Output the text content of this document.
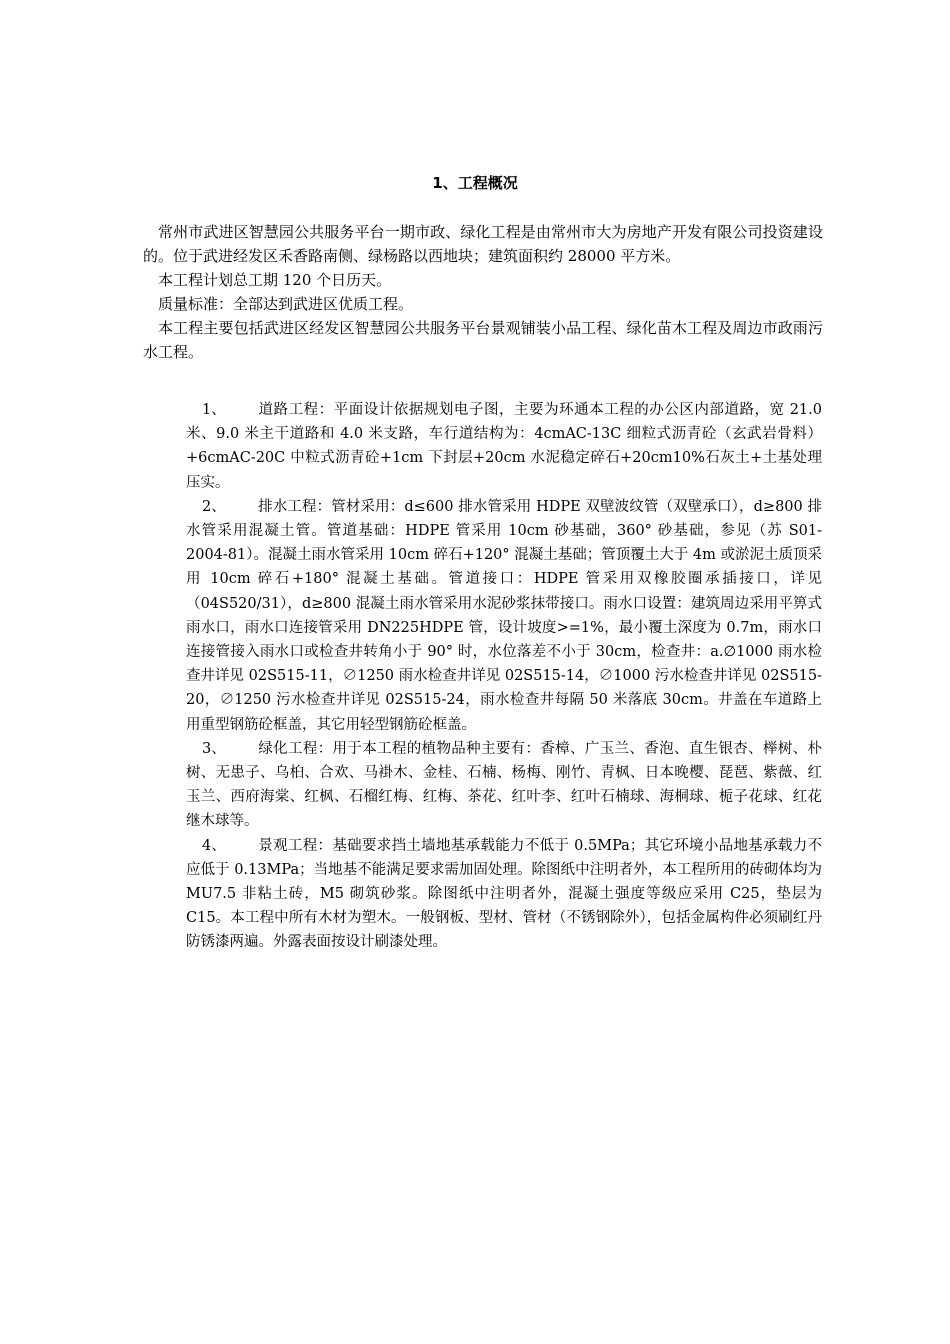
1、工程概况

常州市武进区智慧园公共服务平台一期市政、绿化工程是由常州市大为房地产开发有限公司投资建设的。位于武进经发区禾香路南侧、绿杨路以西地块；建筑面积约 28000 平方米。

本工程计划总工期 120 个日历天。

质量标准：全部达到武进区优质工程。

本工程主要包括武进区经发区智慧园公共服务平台景观铺装小品工程、绿化苗木工程及周边市政雨污水工程。

1、 道路工程：平面设计依据规划电子图，主要为环通本工程的办公区内部道路，宽 21.0 米、9.0 米主干道路和 4.0 米支路，车行道结构为：4cmAC-13C 细粒式沥青砼（玄武岩骨料）+6cmAC-20C 中粒式沥青砼+1cm 下封层+20cm 水泥稳定碎石+20cm10%石灰土+土基处理压实。

2、 排水工程：管材采用：d≤600 排水管采用 HDPE 双壁波纹管（双壁承口），d≥800 排水管采用混凝土管。管道基础：HDPE 管采用 10cm 砂基础，360° 砂基础，参见（苏 S01-2004-81）。混凝土雨水管采用 10cm 碎石+120° 混凝土基础；管顶覆土大于 4m 或淤泥土质顶采用 10cm 碎石+180° 混凝土基础。管道接口：HDPE 管采用双橡胶圈承插接口，详见（04S520/31），d≥800 混凝土雨水管采用水泥砂浆抹带接口。雨水口设置：建筑周边采用平箅式雨水口，雨水口连接管采用 DN225HDPE 管，设计坡度>=1%，最小覆土深度为 0.7m，雨水口连接管接入雨水口或检查井转角小于 90° 时，水位落差不小于 30cm，检查井：a.∅1000 雨水检查井详见 02S515-11，∅1250 雨水检查井详见 02S515-14，∅1000 污水检查井详见 02S515-20，∅1250 污水检查井详见 02S515-24，雨水检查井每隔 50 米落底 30cm。井盖在车道路上用重型钢筋砼框盖，其它用轻型钢筋砼框盖。

3、 绿化工程：用于本工程的植物品种主要有：香樟、广玉兰、香泡、直生银杏、榉树、朴树、无患子、乌桕、合欢、马褂木、金桂、石楠、杨梅、刚竹、青枫、日本晚樱、琵琶、紫薇、红玉兰、西府海棠、红枫、石榴红梅、红梅、茶花、红叶李、红叶石楠球、海桐球、栀子花球、红花继木球等。

4、 景观工程：基础要求挡土墙地基承载能力不低于 0.5MPa；其它环境小品地基承载力不应低于 0.13MPa；当地基不能满足要求需加固处理。除图纸中注明者外，本工程所用的砖砌体均为 MU7.5 非粘土砖，M5 砌筑砂浆。除图纸中注明者外，混凝土强度等级应采用 C25，垫层为 C15。本工程中所有木材为塑木。一般钢板、型材、管材（不锈钢除外），包括金属构件必须刷红丹防锈漆两遍。外露表面按设计刷漆处理。
